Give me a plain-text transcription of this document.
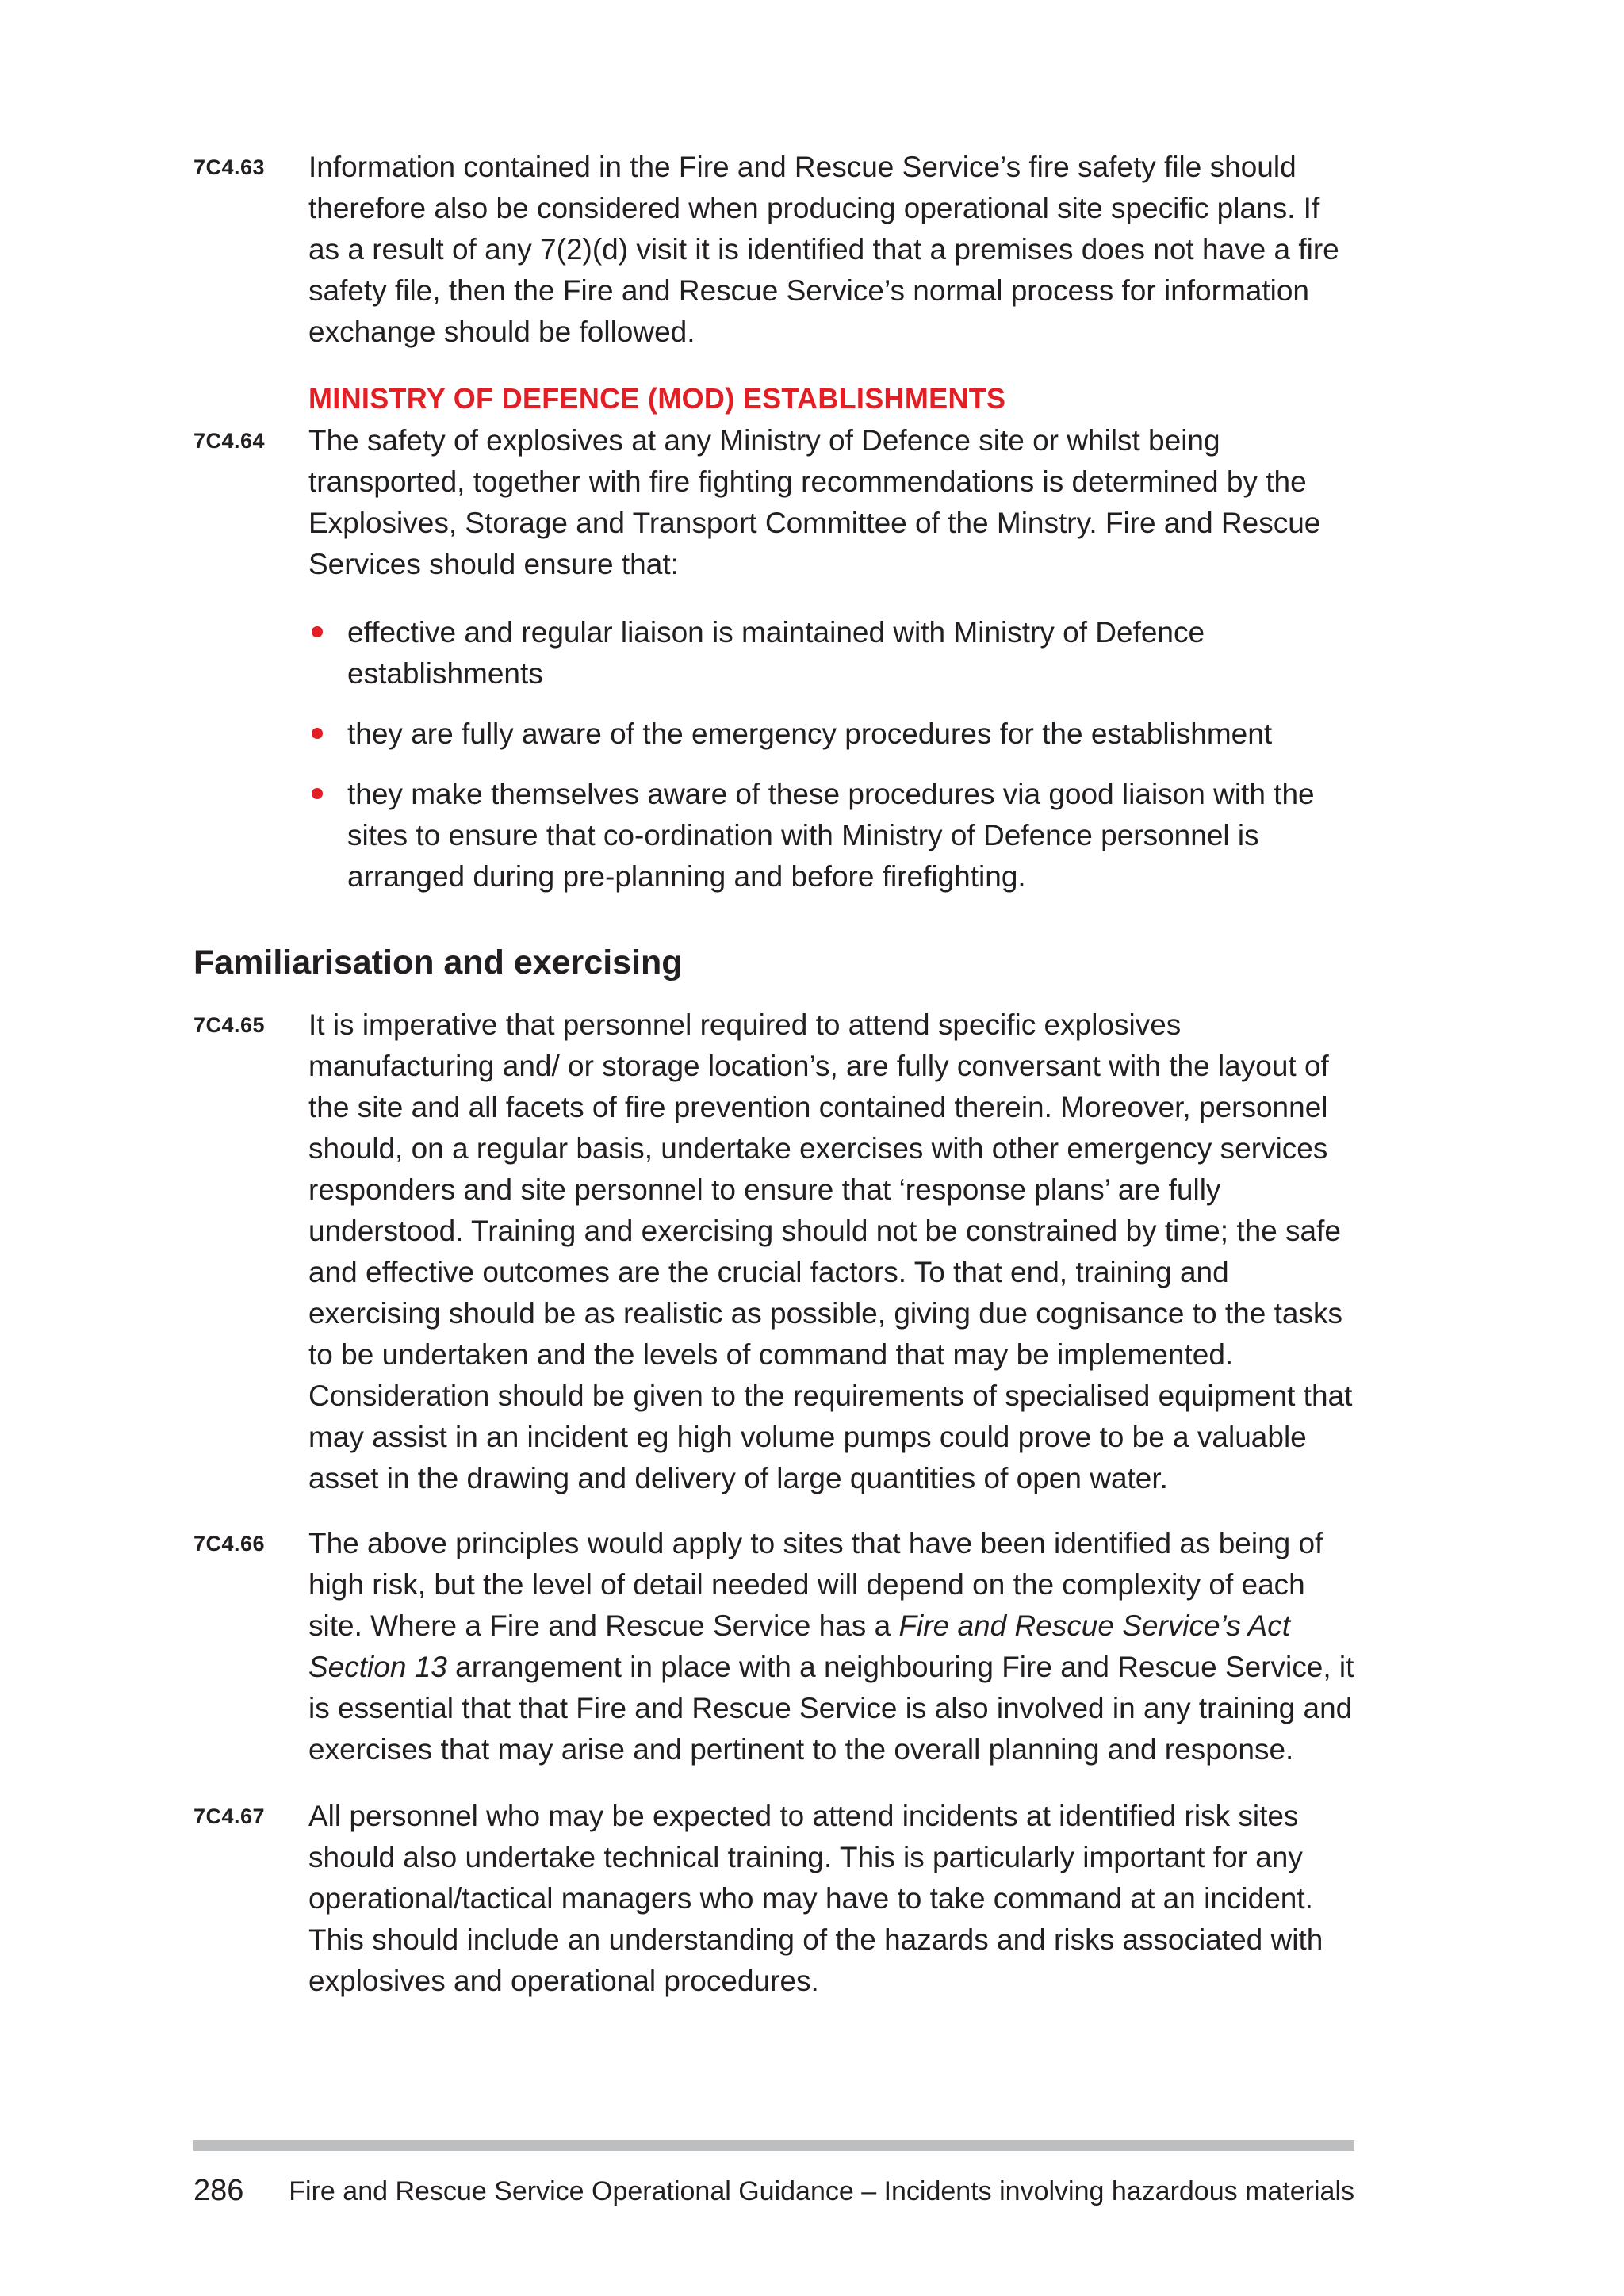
7C4.63 Information contained in the Fire and Rescue Service’s fire safety file should therefore also be considered when producing operational site specific plans. If as a result of any 7(2)(d) visit it is identified that a premises does not have a fire safety file, then the Fire and Rescue Service’s normal process for information exchange should be followed.
MINISTRY OF DEFENCE (MOD) ESTABLISHMENTS
7C4.64 The safety of explosives at any Ministry of Defence site or whilst being transported, together with fire fighting recommendations is determined by the Explosives, Storage and Transport Committee of the Minstry. Fire and Rescue Services should ensure that:
effective and regular liaison is maintained with Ministry of Defence establishments
they are fully aware of the emergency procedures for the establishment
they make themselves aware of these procedures via good liaison with the sites to ensure that co-ordination with Ministry of Defence personnel is arranged during pre-planning and before firefighting.
Familiarisation and exercising
7C4.65 It is imperative that personnel required to attend specific explosives manufacturing and/ or storage location’s, are fully conversant with the layout of the site and all facets of fire prevention contained therein. Moreover, personnel should, on a regular basis, undertake exercises with other emergency services responders and site personnel to ensure that ‘response plans’ are fully understood. Training and exercising should not be constrained by time; the safe and effective outcomes are the crucial factors. To that end, training and exercising should be as realistic as possible, giving due cognisance to the tasks to be undertaken and the levels of command that may be implemented. Consideration should be given to the requirements of specialised equipment that may assist in an incident eg high volume pumps could prove to be a valuable asset in the drawing and delivery of large quantities of open water.
7C4.66 The above principles would apply to sites that have been identified as being of high risk, but the level of detail needed will depend on the complexity of each site. Where a Fire and Rescue Service has a Fire and Rescue Service’s Act Section 13 arrangement in place with a neighbouring Fire and Rescue Service, it is essential that that Fire and Rescue Service is also involved in any training and exercises that may arise and pertinent to the overall planning and response.
7C4.67 All personnel who may be expected to attend incidents at identified risk sites should also undertake technical training. This is particularly important for any operational/tactical managers who may have to take command at an incident. This should include an understanding of the hazards and risks associated with explosives and operational procedures.
286 Fire and Rescue Service Operational Guidance – Incidents involving hazardous materials
